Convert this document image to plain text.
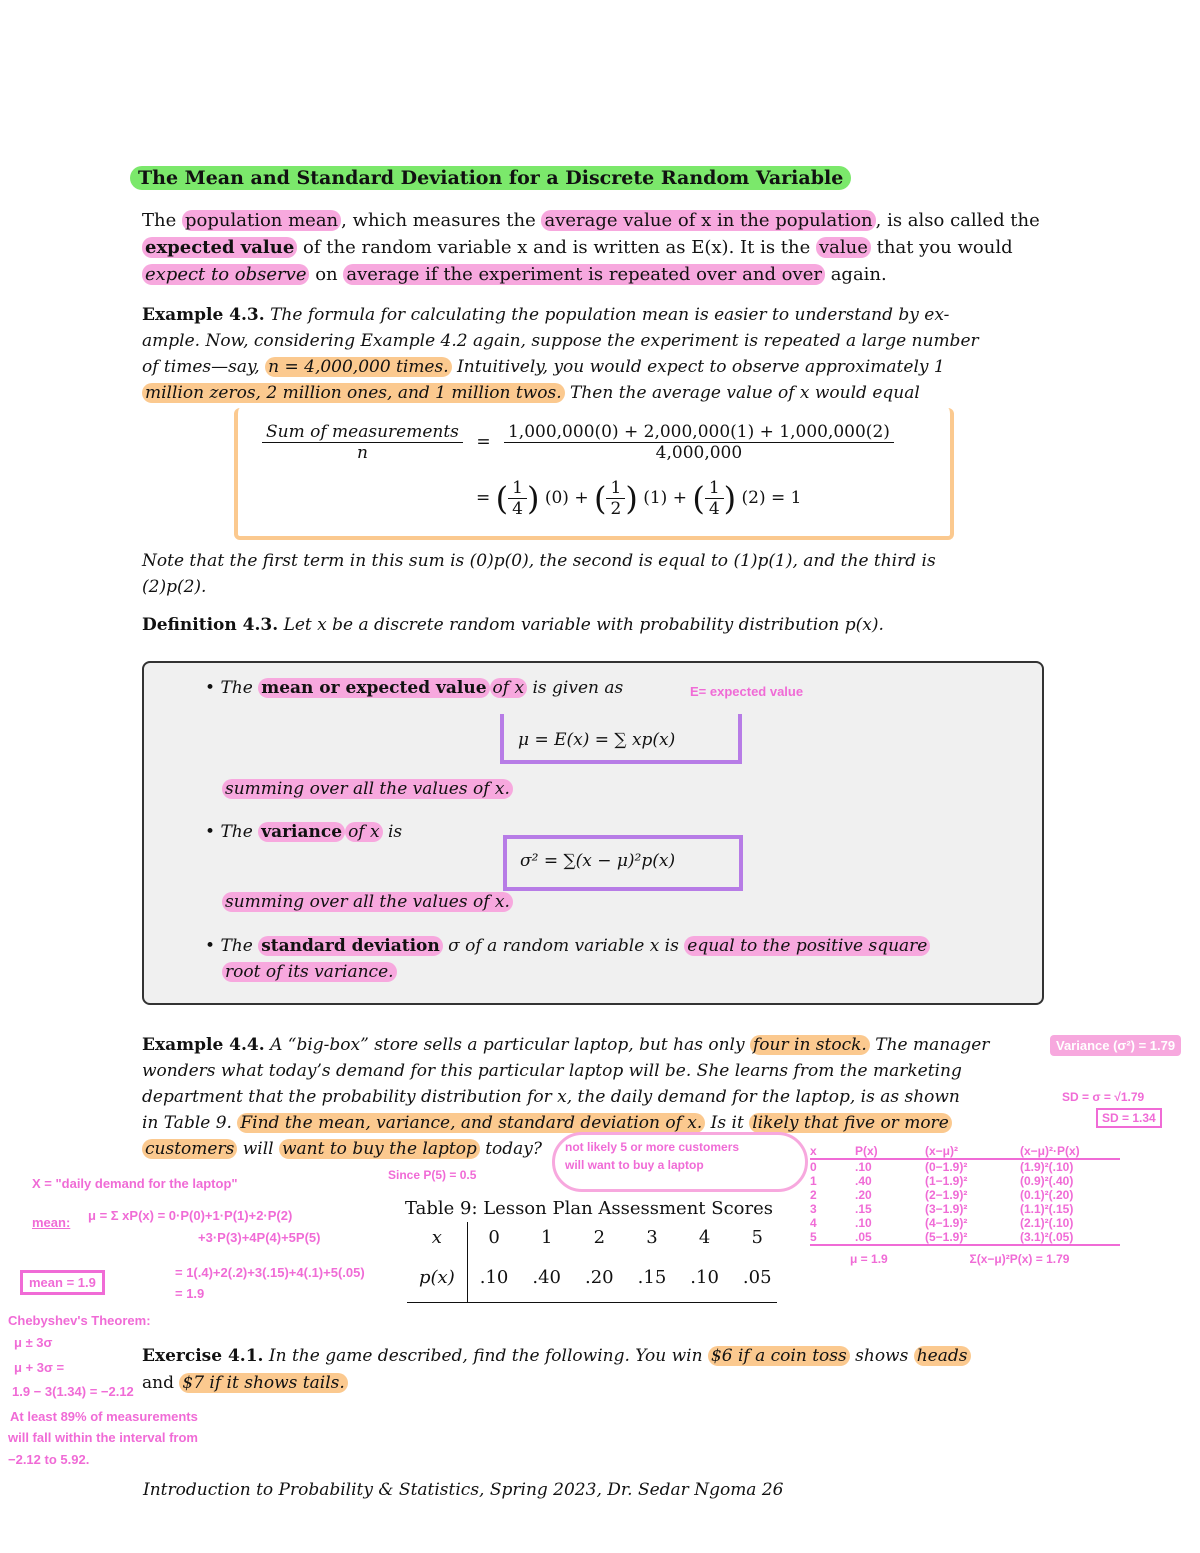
The Mean and Standard Deviation for a Discrete Random Variable
The population mean , which measures the average value of x in the population , is also called the
expected value of the random variable x and is written as E(x). It is the value that you would
expect to observe on average if the experiment is repeated over and over again.
Example 4.3. The formula for calculating the population mean is easier to understand by ex-
ample. Now, considering Example 4.2 again, suppose the experiment is repeated a large number
of times—say, n = 4,000,000 times. Intuitively, you would expect to observe approximately 1
million zeros, 2 million ones, and 1 million twos. Then the average value of x would equal
$\frac{\text{Sum of measurements}}{n} = \frac{1,000,000(0) + 2,000,000(1) + 1,000,000(2)}{4,000,000}$
= ( $\frac{1}{4}$ ) (0) + ( $\frac{1}{2}$ ) (1) + ( $\frac{1}{4}$ ) (2) = 1
Note that the first term in this sum is (0)p(0), the second is equal to (1)p(1), and the third is
(2)p(2).
Definition 4.3. Let x be a discrete random variable with probability distribution p(x).
• The mean or expected value of x is given as	E= expected value
μ = E(x) = ∑ xp(x)
summing over all the values of x.
• The variance of x is
σ² = ∑(x − μ)²p(x)
summing over all the values of x.
• The standard deviation σ of a random variable x is equal to the positive square
root of its variance.
Example 4.4. A “big-box” store sells a particular laptop, but has only four in stock. The manager
wonders what today’s demand for this particular laptop will be. She learns from the marketing
department that the probability distribution for x, the daily demand for the laptop, is as shown
in Table 9. Find the mean, variance, and standard deviation of x. Is it likely that five or more
customers will want to buy the laptop today?
Variance (σ²) = 1.79
SD = σ = √1.79
SD = 1.34
not likely 5 or more customers
will want to buy a laptop
Since P(5) = 0.5
x	P(x)	(x−μ)²	(x−μ)²·P(x)
0	.10	(0−1.9)²	(1.9)²(.10)
1	.40	(1−1.9)²	(0.9)²(.40)
2	.20	(2−1.9)²	(0.1)²(.20)
3	.15	(3−1.9)²	(1.1)²(.15)
4	.10	(4−1.9)²	(2.1)²(.10)
5	.05	(5−1.9)²	(3.1)²(.05)
μ = 1.9	Σ(x−μ)²P(x) = 1.79
X = "daily demand for the laptop"
mean: μ = Σ xP(x) = 0·P(0)+1·P(1)+2·P(2)
+3·P(3)+4P(4)+5P(5)
= 1(.4)+2(.2)+3(.15)+4(.1)+5(.05)
= 1.9
mean = 1.9
Chebyshev's Theorem:
μ ± 3σ
μ + 3σ =
1.9 − 3(1.34) = −2.12
At least 89% of measurements
will fall within the interval from
−2.12 to 5.92.
Table 9: Lesson Plan Assessment Scores
x	0	1	2	3	4	5
p(x)	.10	.40	.20	.15	.10	.05
Exercise 4.1. In the game described, find the following. You win $6 if a coin toss shows heads
and $7 if it shows tails.
Introduction to Probability & Statistics, Spring 2023, Dr. Sedar Ngoma 26
